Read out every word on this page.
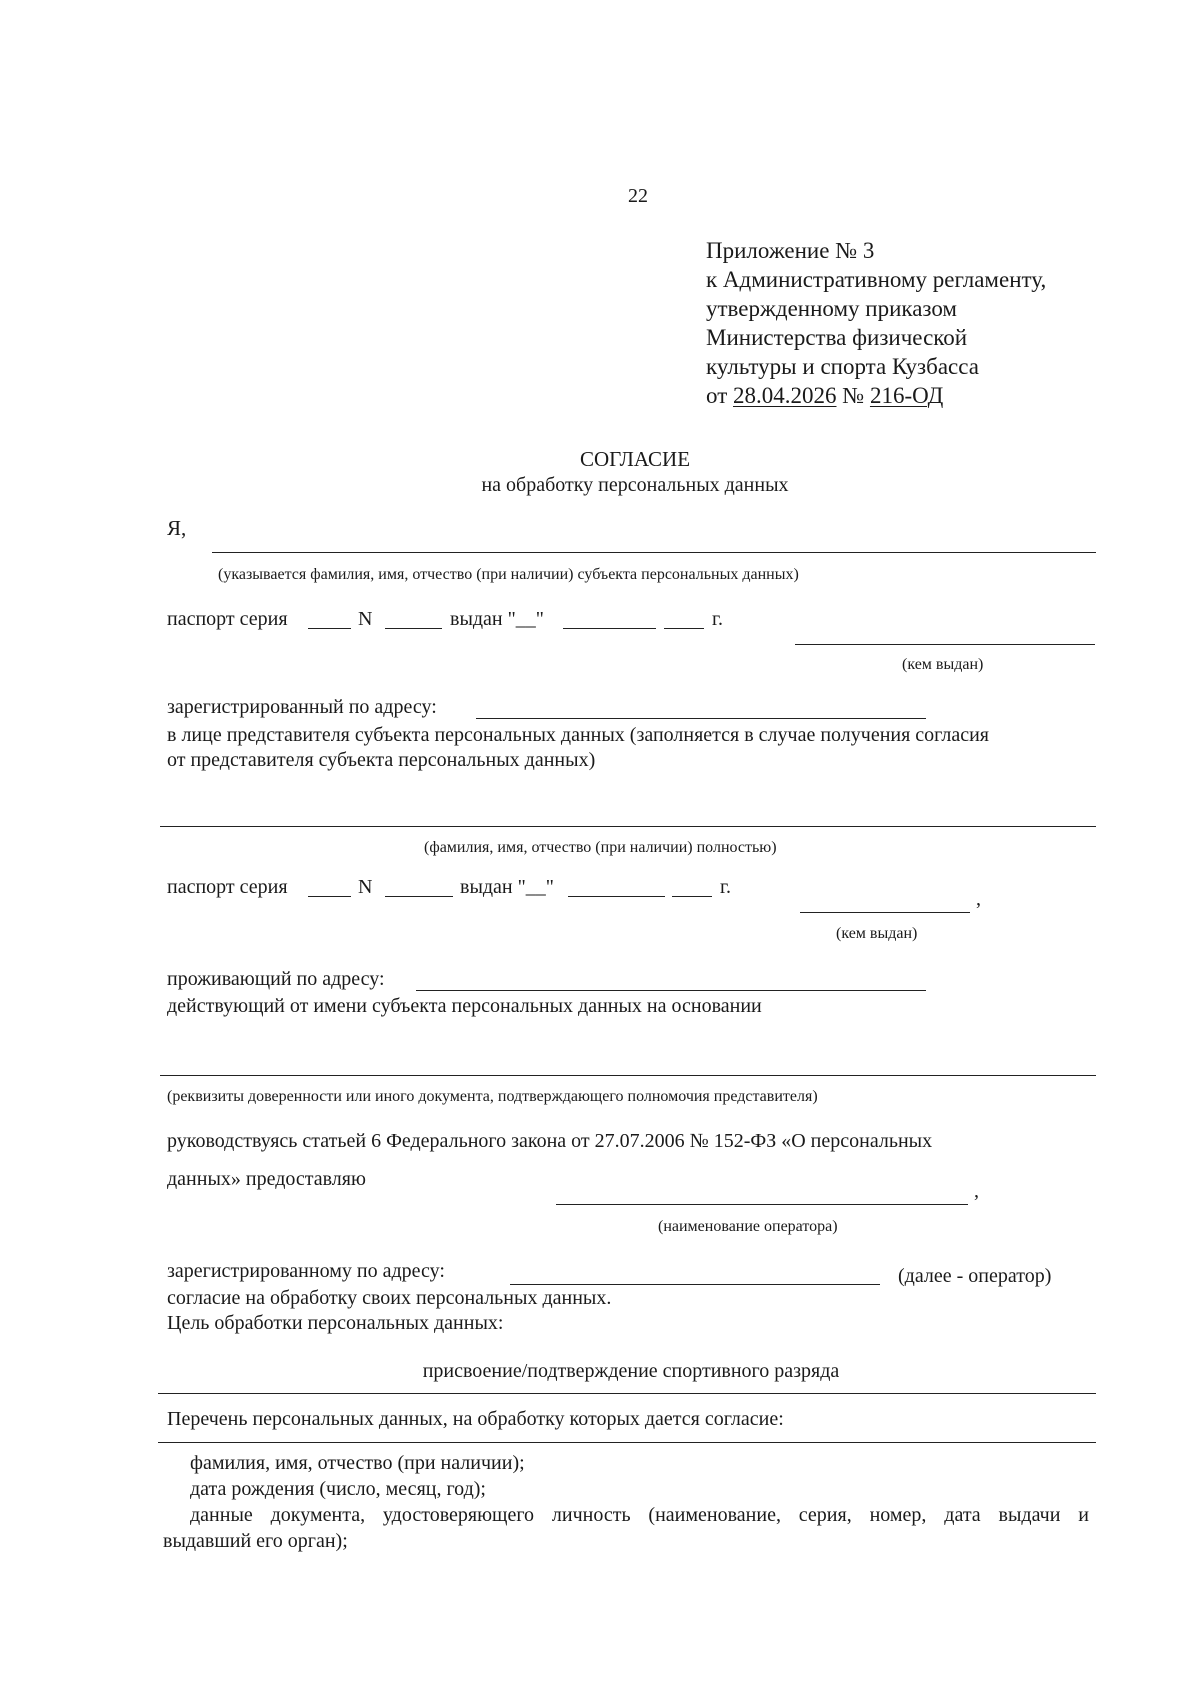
22
Приложение № 3
к Административному регламенту,
утвержденному приказом
Министерства физической
культуры и спорта Кузбасса
от 28.04.2026 № 216-ОД
СОГЛАСИЕ
на обработку персональных данных
Я,
(указывается фамилия, имя, отчество (при наличии) субъекта персональных данных)
паспорт серия	N	выдан "__"	г.
(кем выдан)
зарегистрированный по адресу:
в лице представителя субъекта персональных данных (заполняется в случае получения согласия
от представителя субъекта персональных данных)
(фамилия, имя, отчество (при наличии) полностью)
паспорт серия	N	выдан "__"	г.
,
(кем выдан)
проживающий по адресу:
действующий от имени субъекта персональных данных на основании
(реквизиты доверенности или иного документа, подтверждающего полномочия представителя)
руководствуясь статьей 6 Федерального закона от 27.07.2006 № 152-ФЗ «О персональных
данных» предоставляю
,
(наименование оператора)
зарегистрированному по адресу:	(далее - оператор)
согласие на обработку своих персональных данных.
Цель обработки персональных данных:
присвоение/подтверждение спортивного разряда
Перечень персональных данных, на обработку которых дается согласие:
фамилия, имя, отчество (при наличии);
дата рождения (число, месяц, год);
данные документа, удостоверяющего личность (наименование, серия, номер, дата выдачи и
выдавший его орган);
